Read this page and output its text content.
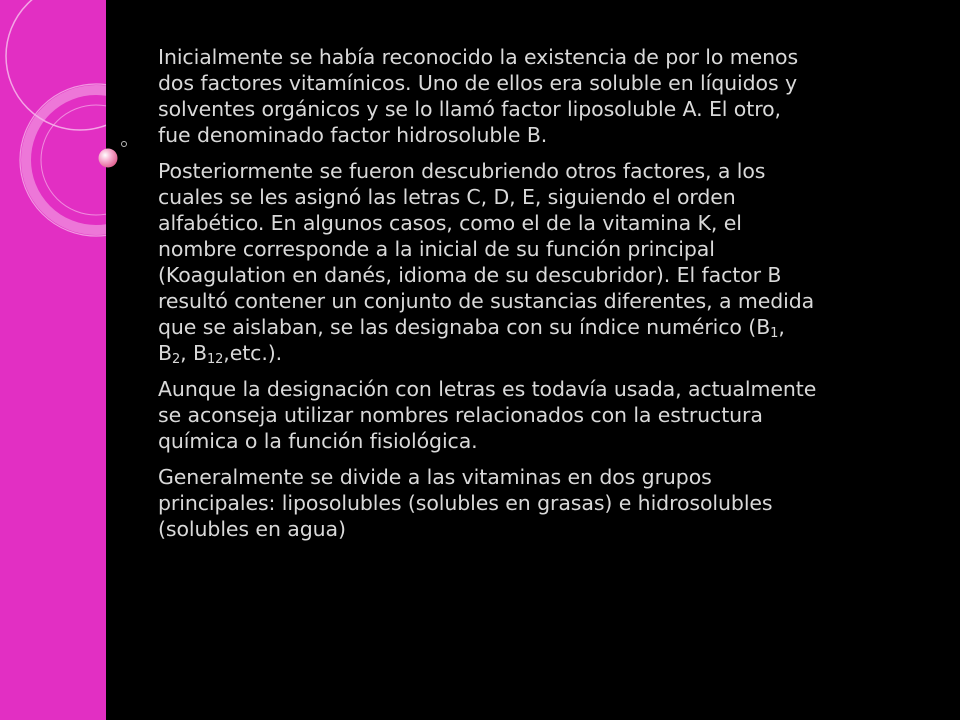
Inicialmente se había reconocido la existencia de por lo menos dos factores vitamínicos. Uno de ellos era soluble en líquidos y solventes orgánicos y se lo llamó factor liposoluble A. El otro, fue denominado factor hidrosoluble B.

Posteriormente se fueron descubriendo otros factores, a los cuales se les asignó las letras C, D, E, siguiendo el orden alfabético. En algunos casos, como el de la vitamina K, el nombre corresponde a la inicial de su función principal (Koagulation en danés, idioma de su descubridor). El factor B resultó contener un conjunto de sustancias diferentes, a medida que se aislaban, se las designaba con su índice numérico ($B_1$, $B_2$, $B_{12},etc$.).

Aunque la designación con letras es todavía usada, actualmente se aconseja utilizar nombres relacionados con la estructura química o la función fisiológica.

Generalmente se divide a las vitaminas en dos grupos principales: liposolubles (solubles en grasas) e hidrosolubles (solubles en agua)
